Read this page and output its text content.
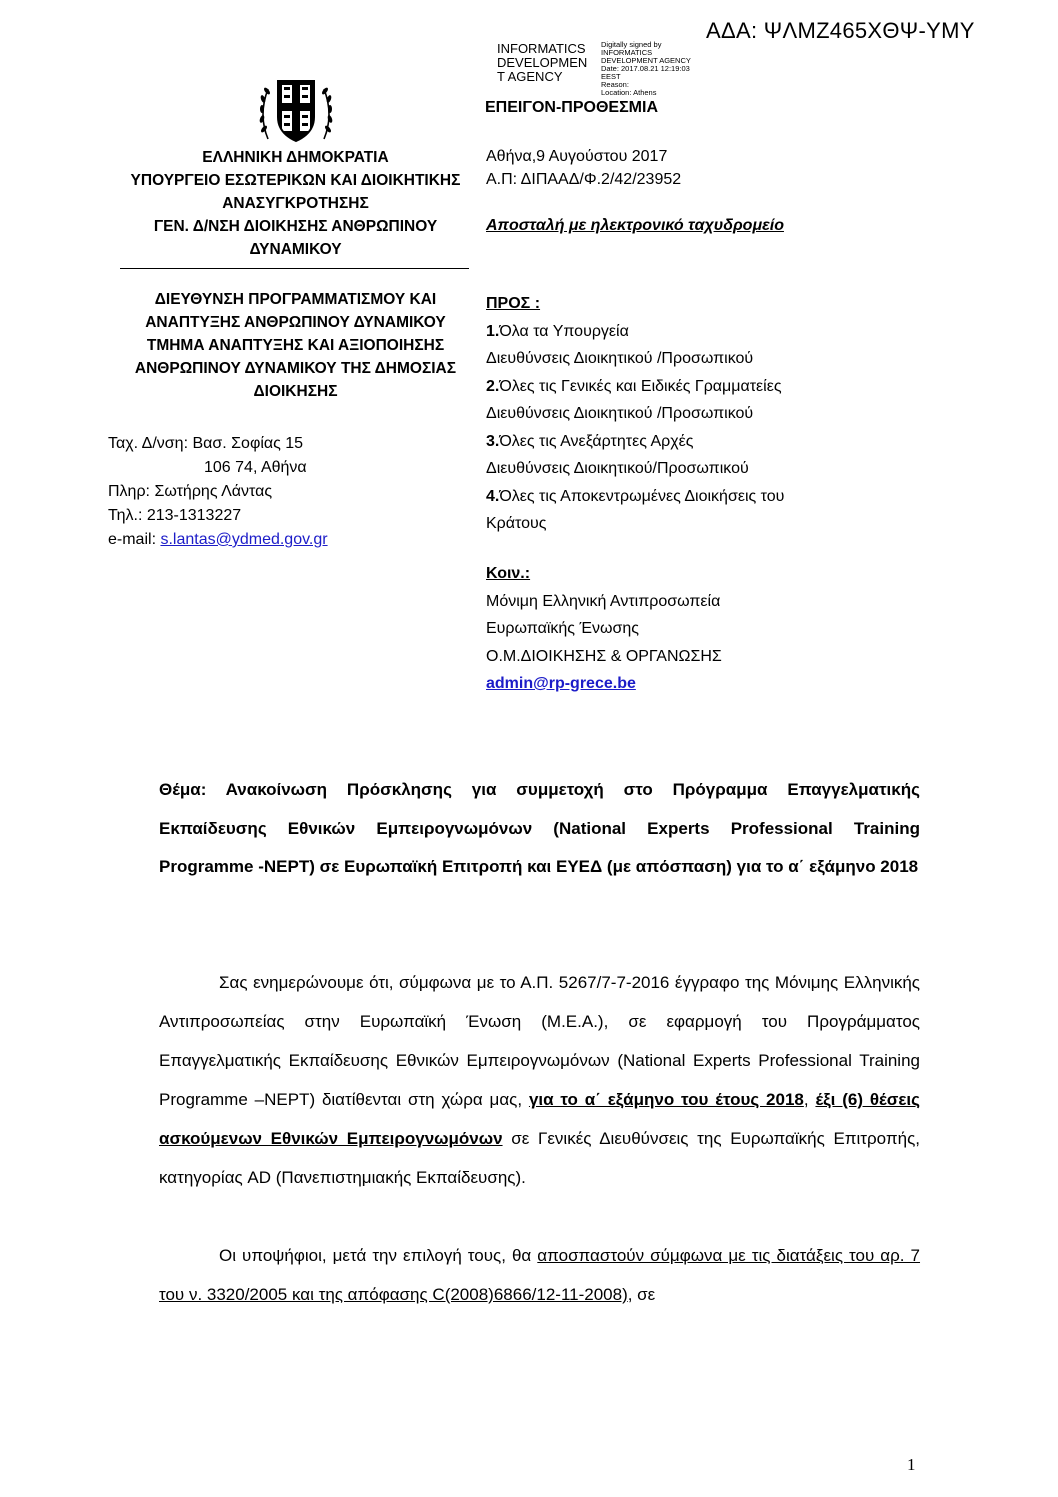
ΑΔΑ: ΨΛΜΖ465ΧΘΨ-ΥΜΥ
INFORMATICS
DEVELOPMEN
T AGENCY
Digitally signed by
INFORMATICS
DEVELOPMENT AGENCY
Date: 2017.08.21 12:19:03
EEST
Reason:
Location: Athens
ΕΠΕΙΓΟΝ-ΠΡΟΘΕΣΜΙΑ
ΕΛΛΗΝΙΚΗ ΔΗΜΟΚΡΑΤΙΑ
ΥΠΟΥΡΓΕΙΟ ΕΣΩΤΕΡΙΚΩΝ ΚΑΙ ΔΙΟΙΚΗΤΙΚΗΣ
ΑΝΑΣΥΓΚΡΟΤΗΣΗΣ
ΓΕΝ. Δ/ΝΣΗ ΔΙΟΙΚΗΣΗΣ ΑΝΘΡΩΠΙΝΟΥ
ΔΥΝΑΜΙΚΟΥ
ΔΙΕΥΘΥΝΣΗ ΠΡΟΓΡΑΜΜΑΤΙΣΜΟΥ ΚΑΙ
ΑΝΑΠΤΥΞΗΣ ΑΝΘΡΩΠΙΝΟΥ ΔΥΝΑΜΙΚΟΥ
ΤΜΗΜΑ ΑΝΑΠΤΥΞΗΣ ΚΑΙ ΑΞΙΟΠΟΙΗΣΗΣ
ΑΝΘΡΩΠΙΝΟΥ ΔΥΝΑΜΙΚΟΥ ΤΗΣ ΔΗΜΟΣΙΑΣ
ΔΙΟΙΚΗΣΗΣ
Ταχ. Δ/νση: Βασ. Σοφίας 15
106 74, Αθήνα
Πληρ: Σωτήρης Λάντας
Τηλ.: 213-1313227
e-mail: s.lantas@ydmed.gov.gr
Αθήνα,9 Αυγούστου 2017
Α.Π: ΔΙΠΑΑΔ/Φ.2/42/23952
Αποσταλή με ηλεκτρονικό ταχυδρομείο
ΠΡΟΣ :
1.Όλα τα Υπουργεία
Διευθύνσεις Διοικητικού /Προσωπικού
2.Όλες τις Γενικές και Ειδικές Γραμματείες
Διευθύνσεις Διοικητικού /Προσωπικού
3.Όλες τις Ανεξάρτητες Αρχές
Διευθύνσεις Διοικητικού/Προσωπικού
4.Όλες τις Αποκεντρωμένες Διοικήσεις του
Κράτους
Κοιν.:
Μόνιμη Ελληνική Αντιπροσωπεία
Ευρωπαϊκής Ένωσης
Ο.Μ.ΔΙΟΙΚΗΣΗΣ & ΟΡΓΑΝΩΣΗΣ
admin@rp-grece.be
Θέμα: Ανακοίνωση Πρόσκλησης για συμμετοχή στο Πρόγραμμα Επαγγελματικής Εκπαίδευσης Εθνικών Εμπειρογνωμόνων (National Experts Professional Training Programme -NEPT) σε Ευρωπαϊκή Επιτροπή και ΕΥΕΔ (με απόσπαση) για το α΄ εξάμηνο 2018
Σας ενημερώνουμε ότι, σύμφωνα με το Α.Π. 5267/7-7-2016 έγγραφο της Μόνιμης Ελληνικής Αντιπροσωπείας στην Ευρωπαϊκή Ένωση (Μ.Ε.Α.), σε εφαρμογή του Προγράμματος Επαγγελματικής Εκπαίδευσης Εθνικών Εμπειρογνωμόνων (National Experts Professional Training Programme –NEPT) διατίθενται στη χώρα μας, για το α΄ εξάμηνο του έτους 2018, έξι (6) θέσεις ασκούμενων Εθνικών Εμπειρογνωμόνων σε Γενικές Διευθύνσεις της Ευρωπαϊκής Επιτροπής, κατηγορίας AD (Πανεπιστημιακής Εκπαίδευσης).
Οι υποψήφιοι, μετά την επιλογή τους, θα αποσπαστούν σύμφωνα με τις διατάξεις του αρ. 7 του ν. 3320/2005 και της απόφασης C(2008)6866/12-11-2008), σε
1
